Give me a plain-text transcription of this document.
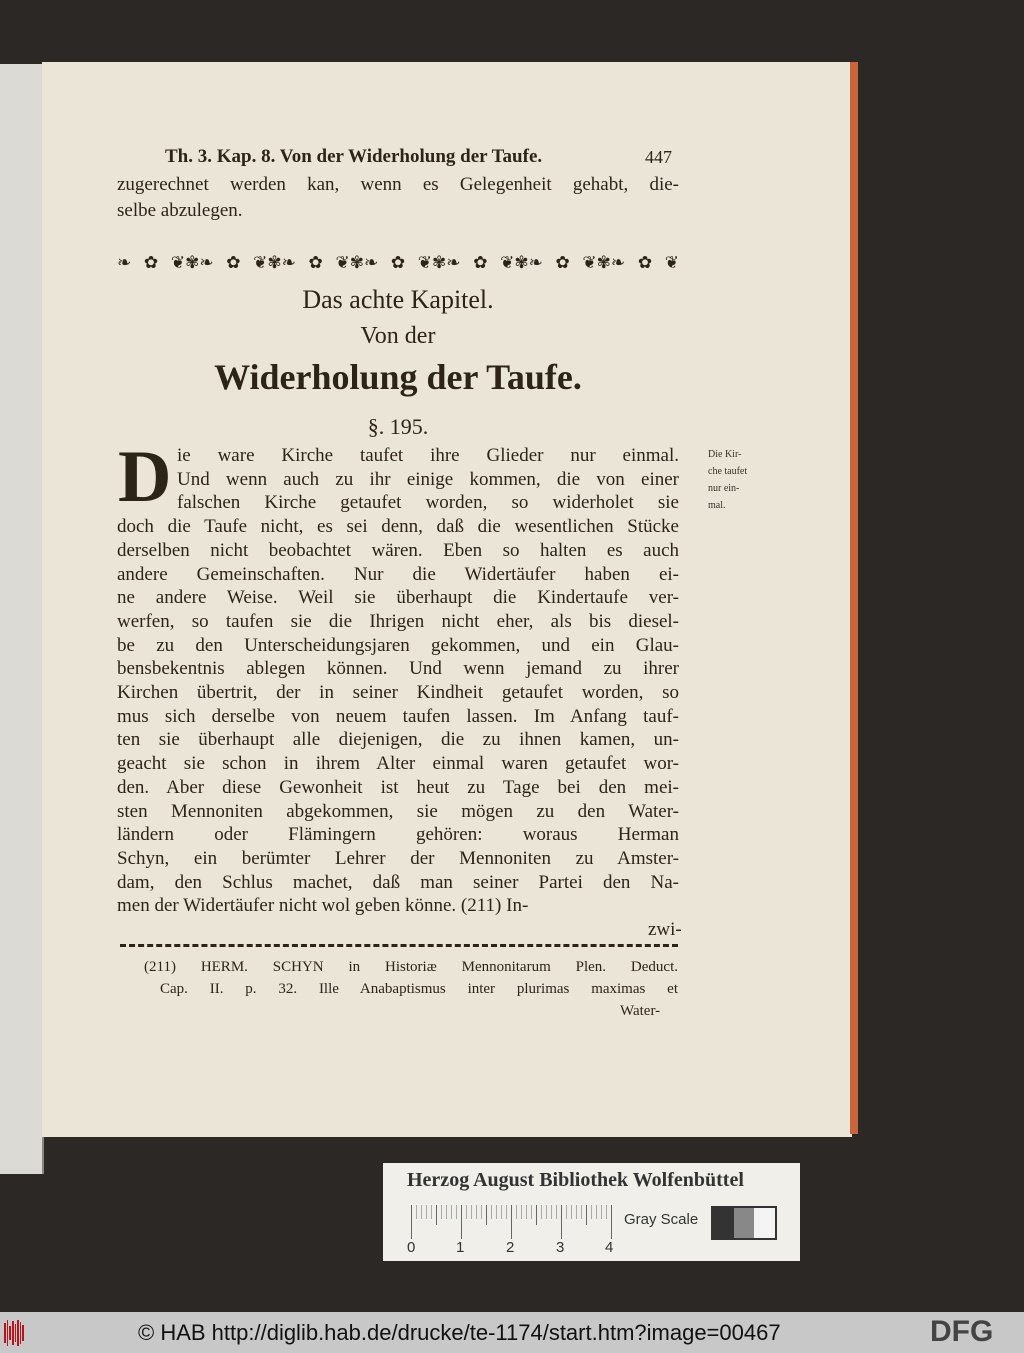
Th. 3. Kap. 8. Von der Widerholung der Taufe.	447
zugerechnet werden kan, wenn es Gelegenheit gehabt, die-
selbe abzulegen.
❧✿❦✾❧✿❦✾❧✿❦✾❧✿❦✾❧✿❦✾❧✿❦✾❧✿❦
Das achte Kapitel.
Von der
Widerholung der Taufe.
§. 195.
D ie ware Kirche taufet ihre Glieder nur einmal.
Und wenn auch zu ihr einige kommen, die von einer
falschen Kirche getaufet worden, so widerholet sie
doch die Taufe nicht, es sei denn, daß die wesentlichen Stücke
derselben nicht beobachtet wären. Eben so halten es auch
andere Gemeinschaften. Nur die Widertäufer haben ei-
ne andere Weise. Weil sie überhaupt die Kindertaufe ver-
werfen, so taufen sie die Ihrigen nicht eher, als bis diesel-
be zu den Unterscheidungsjaren gekommen, und ein Glau-
bensbekentnis ablegen können. Und wenn jemand zu ihrer
Kirchen übertrit, der in seiner Kindheit getaufet worden, so
mus sich derselbe von neuem taufen lassen. Im Anfang tauf-
ten sie überhaupt alle diejenigen, die zu ihnen kamen, un-
geacht sie schon in ihrem Alter einmal waren getaufet wor-
den. Aber diese Gewonheit ist heut zu Tage bei den mei-
sten Mennoniten abgekommen, sie mögen zu den Water-
ländern oder Flämingern gehören: woraus Herman
Schyn, ein berümter Lehrer der Mennoniten zu Amster-
dam, den Schlus machet, daß man seiner Partei den Na-
men der Widertäufer nicht wol geben könne. (211) In-
zwi-
Die Kir-
che taufet
nur ein-
mal.
(211) HERM. SCHYN in Historiæ Mennonitarum Plen. Deduct.
Cap. II. p. 32. Ille Anabaptismus inter plurimas maximas et
Water-
Herzog August Bibliothek Wolfenbüttel
0	1	2	3	4
Gray Scale
© HAB http://diglib.hab.de/drucke/te-1174/start.htm?image=00467	DFG
